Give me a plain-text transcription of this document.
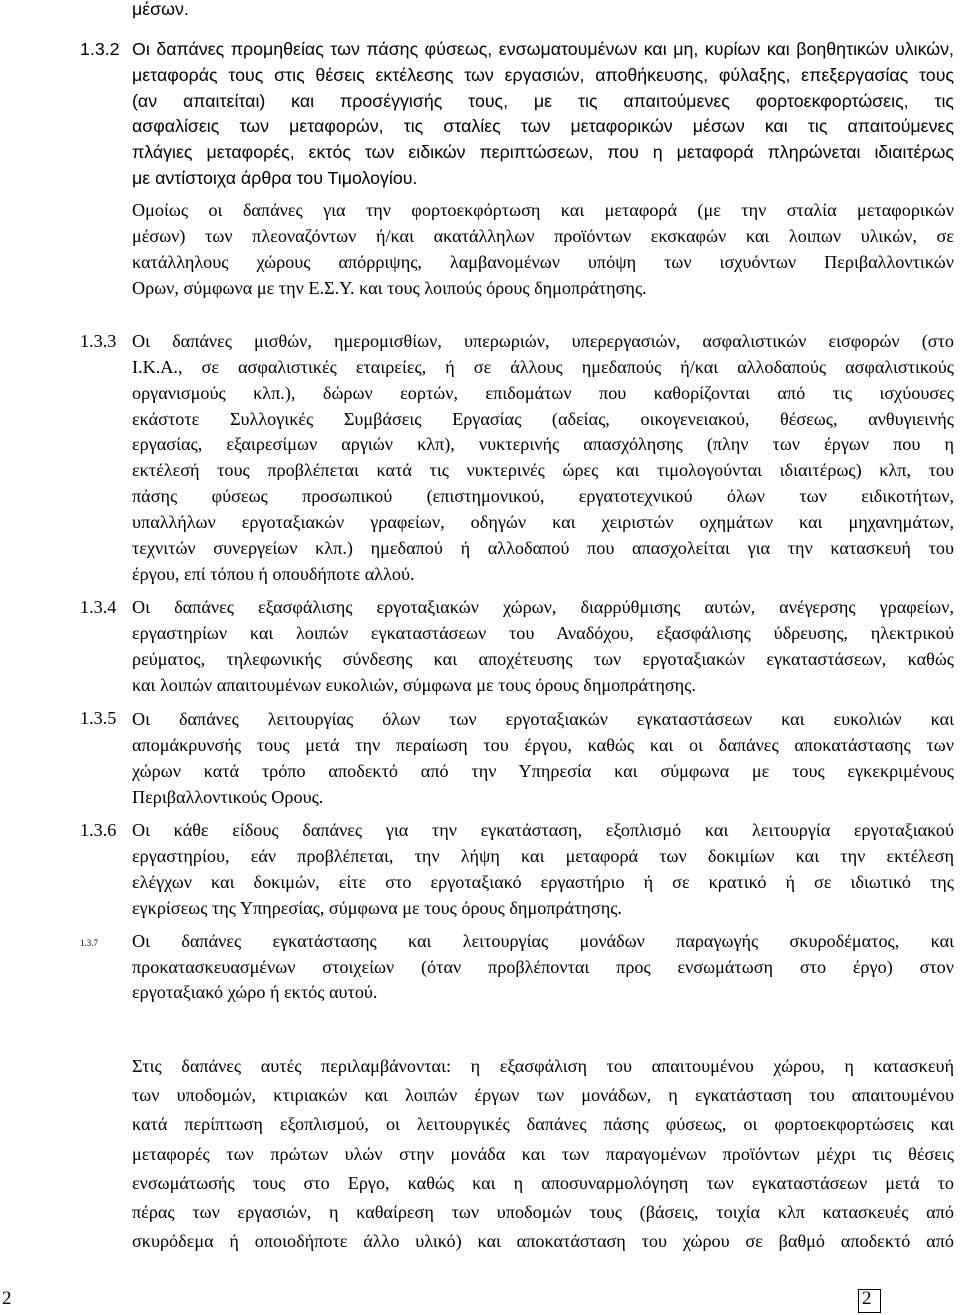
μέσων.
1.3.2 Οι δαπάνες προμηθείας των πάσης φύσεως, ενσωματουμένων και μη, κυρίων και βοηθητικών υλικών,
μεταφοράς τους στις θέσεις εκτέλεσης των εργασιών, αποθήκευσης, φύλαξης, επεξεργασίας τους
(αν απαιτείται) και προσέγγισής τους, με τις απαιτούμενες φορτοεκφορτώσεις, τις
ασφαλίσεις των μεταφορών, τις σταλίες των μεταφορικών μέσων και τις απαιτούμενες
πλάγιες μεταφορές, εκτός των ειδικών περιπτώσεων, που η μεταφορά πληρώνεται ιδιαιτέρως
με αντίστοιχα άρθρα του Τιμολογίου.
Ομοίως οι δαπάνες για την φορτοεκφόρτωση και μεταφορά (με την σταλία μεταφορικών
μέσων) των πλεοναζόντων ή/και ακατάλληλων προϊόντων εκσκαφών και λοιπων υλικών, σε
κατάλληλους χώρους απόρριψης, λαμβανομένων υπόψη των ισχυόντων Περιβαλλοντικών
Ορων, σύμφωνα με την Ε.Σ.Υ. και τους λοιπούς όρους δημοπράτησης.
1.3.3 Οι δαπάνες μισθών, ημερομισθίων, υπερωριών, υπερεργασιών, ασφαλιστικών εισφορών (στο
Ι.Κ.Α., σε ασφαλιστικές εταιρείες, ή σε άλλους ημεδαπούς ή/και αλλοδαπούς ασφαλιστικούς
οργανισμούς κλπ.), δώρων εορτών, επιδομάτων που καθορίζονται από τις ισχύουσες
εκάστοτε Συλλογικές Συμβάσεις Εργασίας (αδείας, οικογενειακού, θέσεως, ανθυγιεινής
εργασίας, εξαιρεσίμων αργιών κλπ), νυκτερινής απασχόλησης (πλην των έργων που η
εκτέλεσή τους προβλέπεται κατά τις νυκτερινές ώρες και τιμολογούνται ιδιαιτέρως) κλπ, του
πάσης φύσεως προσωπικού (επιστημονικού, εργατοτεχνικού όλων των ειδικοτήτων,
υπαλλήλων εργοταξιακών γραφείων, οδηγών και χειριστών οχημάτων και μηχανημάτων,
τεχνιτών συνεργείων κλπ.) ημεδαπού ή αλλοδαπού που απασχολείται για την κατασκευή του
έργου, επί τόπου ή οπουδήποτε αλλού.
1.3.4 Οι δαπάνες εξασφάλισης εργοταξιακών χώρων, διαρρύθμισης αυτών, ανέγερσης γραφείων,
εργαστηρίων και λοιπών εγκαταστάσεων του Αναδόχου, εξασφάλισης ύδρευσης, ηλεκτρικού
ρεύματος, τηλεφωνικής σύνδεσης και αποχέτευσης των εργοταξιακών εγκαταστάσεων, καθώς
και λοιπών απαιτουμένων ευκολιών, σύμφωνα με τους όρους δημοπράτησης.
1.3.5 Οι δαπάνες λειτουργίας όλων των εργοταξιακών εγκαταστάσεων και ευκολιών και
απομάκρυνσής τους μετά την περαίωση του έργου, καθώς και οι δαπάνες αποκατάστασης των
χώρων κατά τρόπο αποδεκτό από την Υπηρεσία και σύμφωνα με τους εγκεκριμένους
Περιβαλλοντικούς Ορους.
1.3.6 Οι κάθε είδους δαπάνες για την εγκατάσταση, εξοπλισμό και λειτουργία εργοταξιακού
εργαστηρίου, εάν προβλέπεται, την λήψη και μεταφορά των δοκιμίων και την εκτέλεση
ελέγχων και δοκιμών, είτε στο εργοταξιακό εργαστήριο ή σε κρατικό ή σε ιδιωτικό της
εγκρίσεως της Υπηρεσίας, σύμφωνα με τους όρους δημοπράτησης.
1.3.7 Οι δαπάνες εγκατάστασης και λειτουργίας μονάδων παραγωγής σκυροδέματος, και
προκατασκευασμένων στοιχείων (όταν προβλέπονται προς ενσωμάτωση στο έργο) στον
εργοταξιακό χώρο ή εκτός αυτού.
Στις δαπάνες αυτές περιλαμβάνονται: η εξασφάλιση του απαιτουμένου χώρου, η κατασκευή
των υποδομών, κτιριακών και λοιπών έργων των μονάδων, η εγκατάσταση του απαιτουμένου
κατά περίπτωση εξοπλισμού, οι λειτουργικές δαπάνες πάσης φύσεως, οι φορτοεκφορτώσεις και
μεταφορές των πρώτων υλών στην μονάδα και των παραγομένων προϊόντων μέχρι τις θέσεις
ενσωμάτωσής τους στο Εργο, καθώς και η αποσυναρμολόγηση των εγκαταστάσεων μετά το
πέρας των εργασιών, η καθαίρεση των υποδομών τους (βάσεις, τοιχία κλπ κατασκευές από
σκυρόδεμα ή οποιοδήποτε άλλο υλικό) και αποκατάσταση του χώρου σε βαθμό αποδεκτό από
2	2
